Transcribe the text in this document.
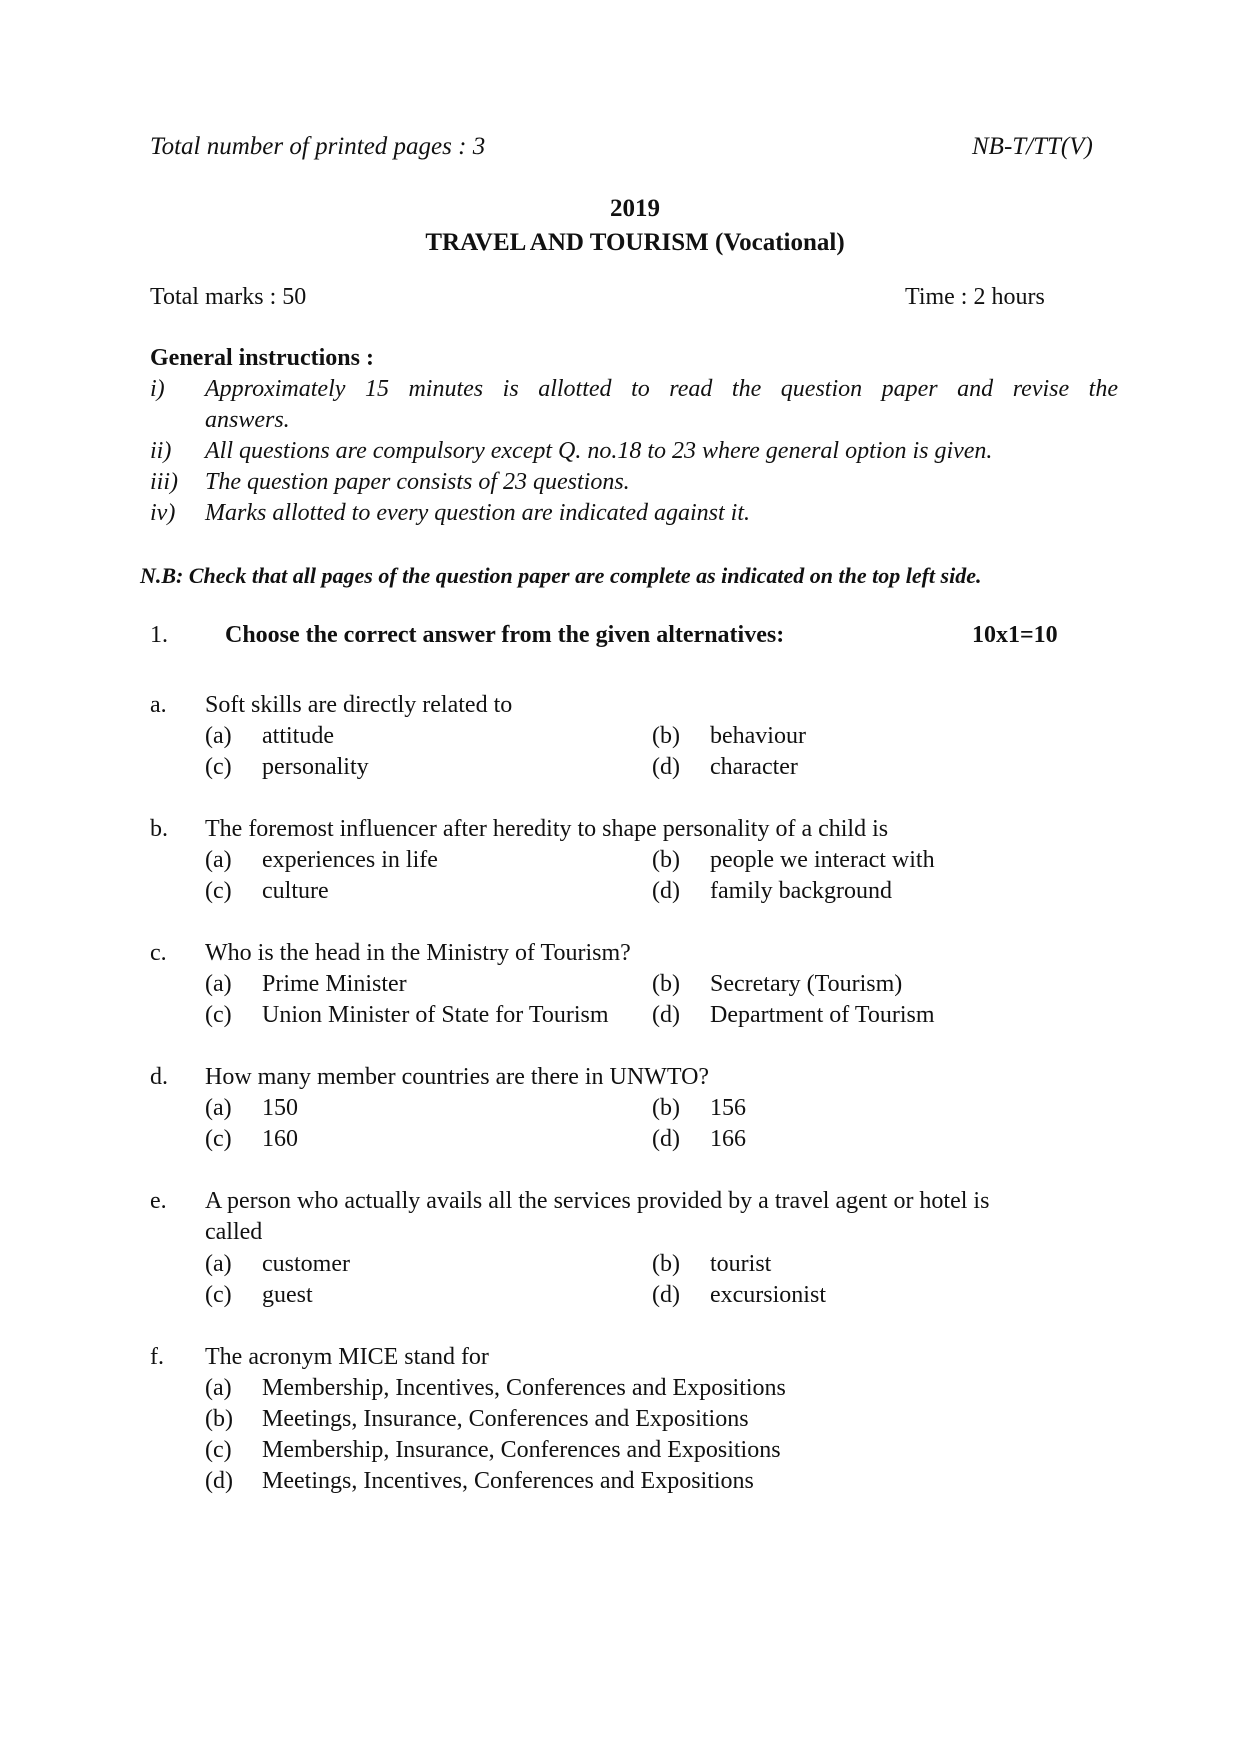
Total number of printed pages : 3	NB-T/TT(V)
2019
TRAVEL AND TOURISM (Vocational)
Total marks : 50	Time : 2 hours
General instructions :
i) Approximately 15 minutes is allotted to read the question paper and revise the
answers.
ii) All questions are compulsory except Q. no.18 to 23 where general option is given.
iii) The question paper consists of 23 questions.
iv) Marks allotted to every question are indicated against it.
N.B: Check that all pages of the question paper are complete as indicated on the top left side.
1. Choose the correct answer from the given alternatives:	10x1=10
a. Soft skills are directly related to
(a) attitude	(b) behaviour
(c) personality	(d) character
b. The foremost influencer after heredity to shape personality of a child is
(a) experiences in life	(b) people we interact with
(c) culture	(d) family background
c. Who is the head in the Ministry of Tourism?
(a) Prime Minister	(b) Secretary (Tourism)
(c) Union Minister of State for Tourism (d) Department of Tourism
d. How many member countries are there in UNWTO?
(a) 150	(b) 156
(c) 160	(d) 166
e. A person who actually avails all the services provided by a travel agent or hotel is
called
(a) customer	(b) tourist
(c) guest	(d) excursionist
f. The acronym MICE stand for
(a) Membership, Incentives, Conferences and Expositions
(b) Meetings, Insurance, Conferences and Expositions
(c) Membership, Insurance, Conferences and Expositions
(d) Meetings, Incentives, Conferences and Expositions
